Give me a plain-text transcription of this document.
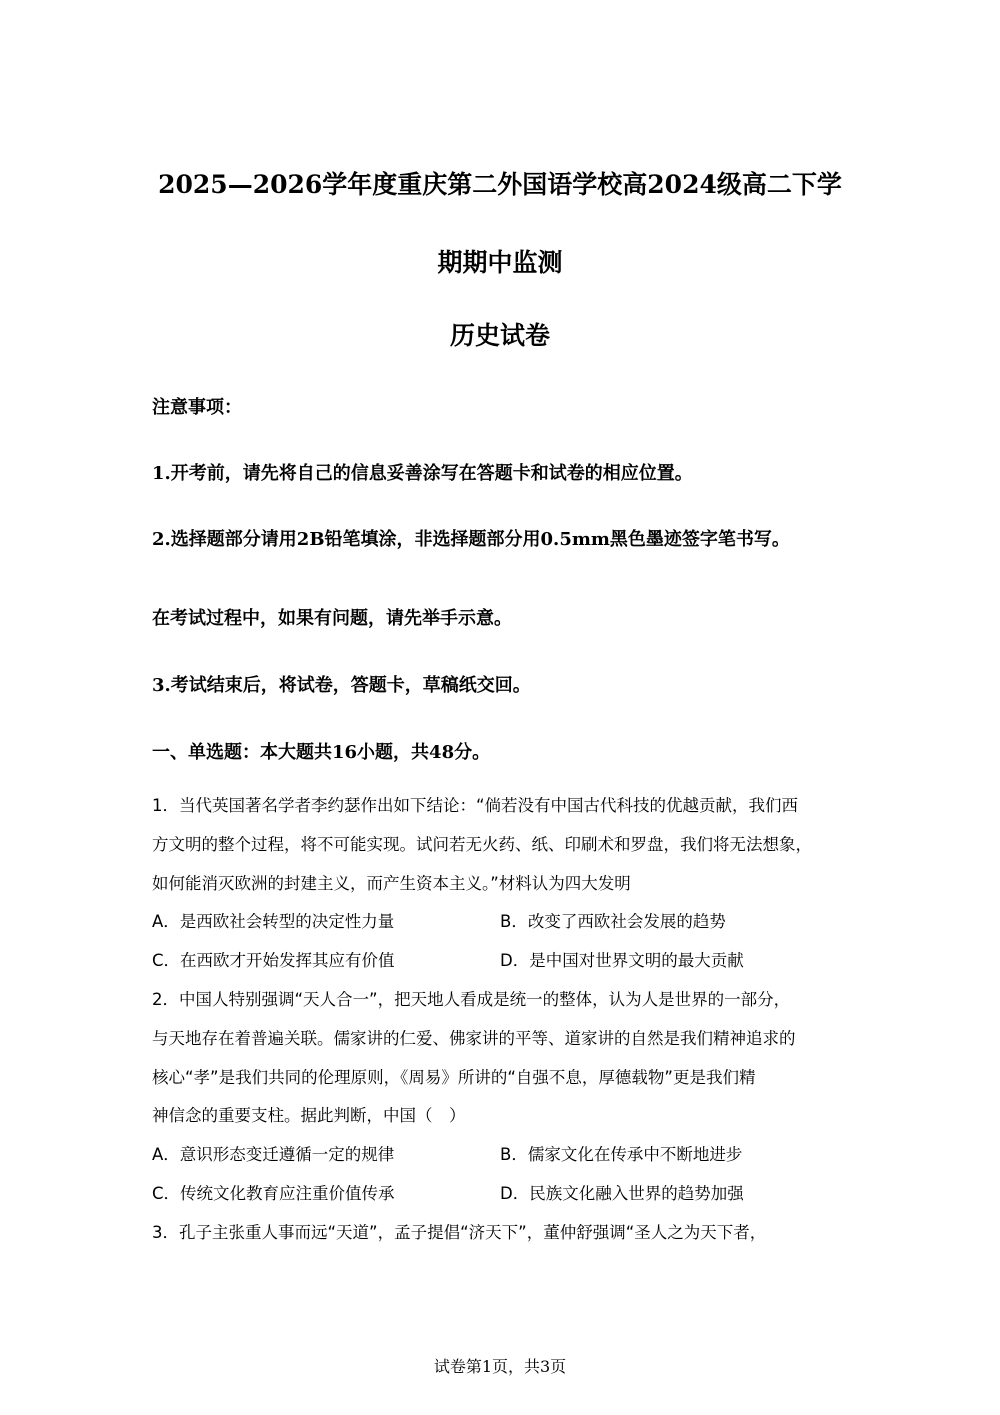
2025—2026学年度重庆第二外国语学校高2024级高二下学
期期中监测
历史试卷
注意事项：
1.开考前，请先将自己的信息妥善涂写在答题卡和试卷的相应位置。
2.选择题部分请用2B铅笔填涂，非选择题部分用0.5mm黑色墨迹签字笔书写。
在考试过程中，如果有问题，请先举手示意。
3.考试结束后，将试卷，答题卡，草稿纸交回。
一、单选题：本大题共16小题，共48分。

1．当代英国著名学者李约瑟作出如下结论：“倘若没有中国古代科技的优越贡献，我们西

方文明的整个过程，将不可能实现。试问若无火药、纸、印刷术和罗盘，我们将无法想象，

如何能消灭欧洲的封建主义，而产生资本主义。”材料认为四大发明

A．是西欧社会转型的决定性力量	B．改变了西欧社会发展的趋势
C．在西欧才开始发挥其应有价值	D．是中国对世界文明的最大贡献

2．中国人特别强调“天人合一”，把天地人看成是统一的整体，认为人是世界的一部分，

与天地存在着普遍关联。儒家讲的仁爱、佛家讲的平等、道家讲的自然是我们精神追求的

核心“孝”是我们共同的伦理原则，《周易》所讲的“自强不息，厚德载物”更是我们精

神信念的重要支柱。据此判断，中国（　）

A．意识形态变迁遵循一定的规律	B．儒家文化在传承中不断地进步
C．传统文化教育应注重价值传承	D．民族文化融入世界的趋势加强

3．孔子主张重人事而远“天道”，孟子提倡“济天下”，董仲舒强调“圣人之为天下者，

试卷第1页，共3页
